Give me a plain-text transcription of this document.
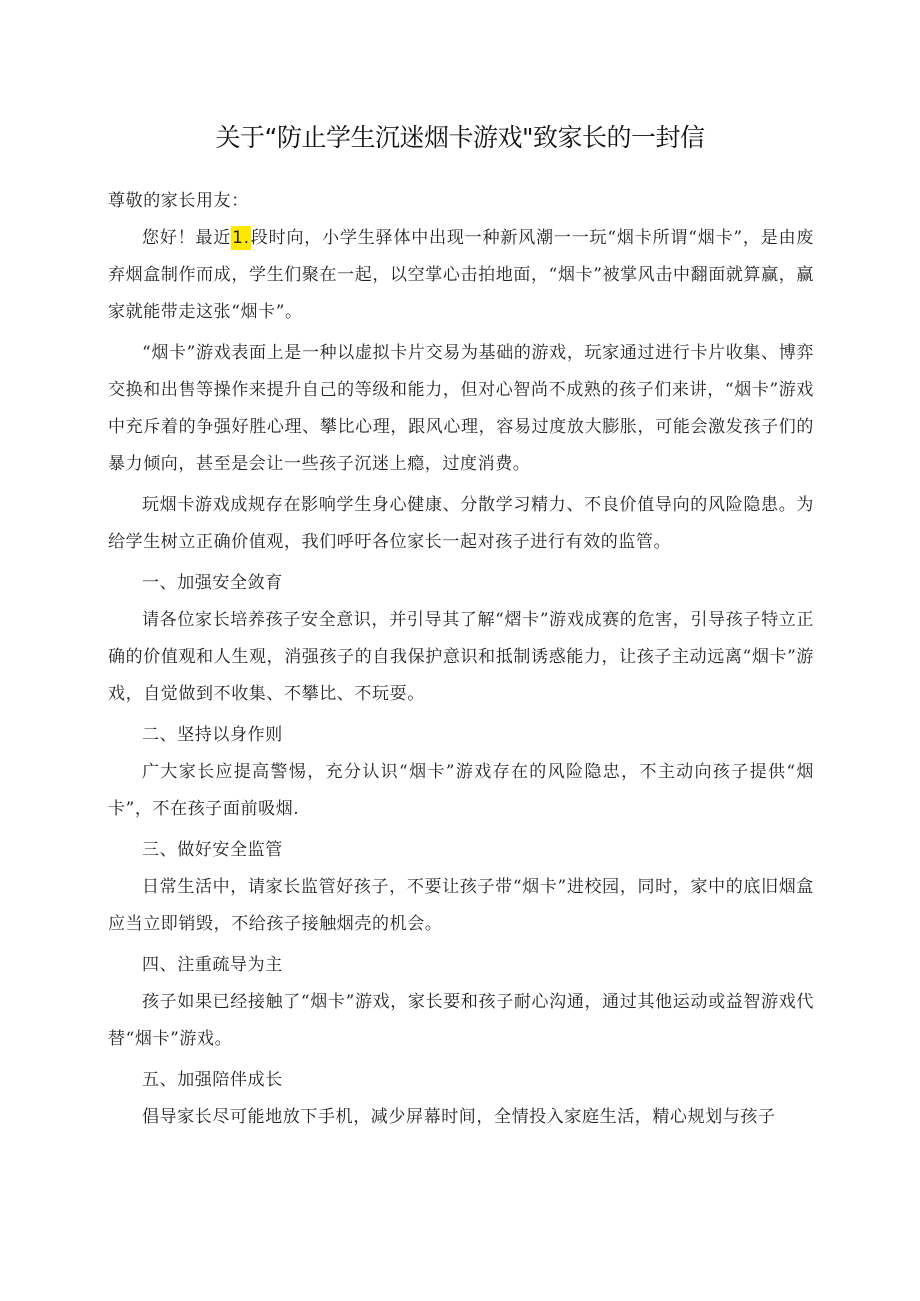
关于“防止学生沉迷烟卡游戏"致家长的一封信

尊敬的家长用友：

您好！最近1.段时向，小学生驿体中出现一种新风潮一一玩“烟卡所谓“烟卡”，是由废弃烟盒制作而成，学生们聚在一起，以空掌心击拍地面，“烟卡”被掌风击中翻面就算赢，赢家就能带走这张“烟卡”。

“烟卡”游戏表面上是一种以虚拟卡片交易为基础的游戏，玩家通过进行卡片收集、博弈交换和出售等操作来提升自己的等级和能力，但对心智尚不成熟的孩子们来讲，“烟卡”游戏中充斥着的争强好胜心理、攀比心理，跟风心理，容易过度放大膨胀，可能会激发孩子们的暴力倾向，甚至是会让一些孩子沉迷上瘾，过度消费。

玩烟卡游戏成规存在影响学生身心健康、分散学习精力、不良价值导向的风险隐患。为给学生树立正确价值观，我们呼吁各位家长一起对孩子进行有效的监管。

一、加强安全敛育

请各位家长培养孩子安全意识，并引导其了解“熠卡”游戏成赛的危害，引导孩子特立正确的价值观和人生观，消强孩子的自我保护意识和抵制诱惑能力，让孩子主动远离“烟卡”游戏，自觉做到不收集、不攀比、不玩耍。

二、坚持以身作则

广大家长应提高警惕，充分认识“烟卡”游戏存在的风险隐忠，不主动向孩子提供“烟卡”，不在孩子面前吸烟.

三、做好安全监管

日常生活中，请家长监管好孩子，不要让孩子带“烟卡”进校园，同时，家中的底旧烟盒应当立即销毁，不给孩子接触烟壳的机会。

四、注重疏导为主

孩子如果已经接触了“烟卡”游戏，家长要和孩子耐心沟通，通过其他运动或益智游戏代替“烟卡”游戏。

五、加强陪伴成长

倡导家长尽可能地放下手机，减少屏幕时间，全情投入家庭生活，精心规划与孩子
